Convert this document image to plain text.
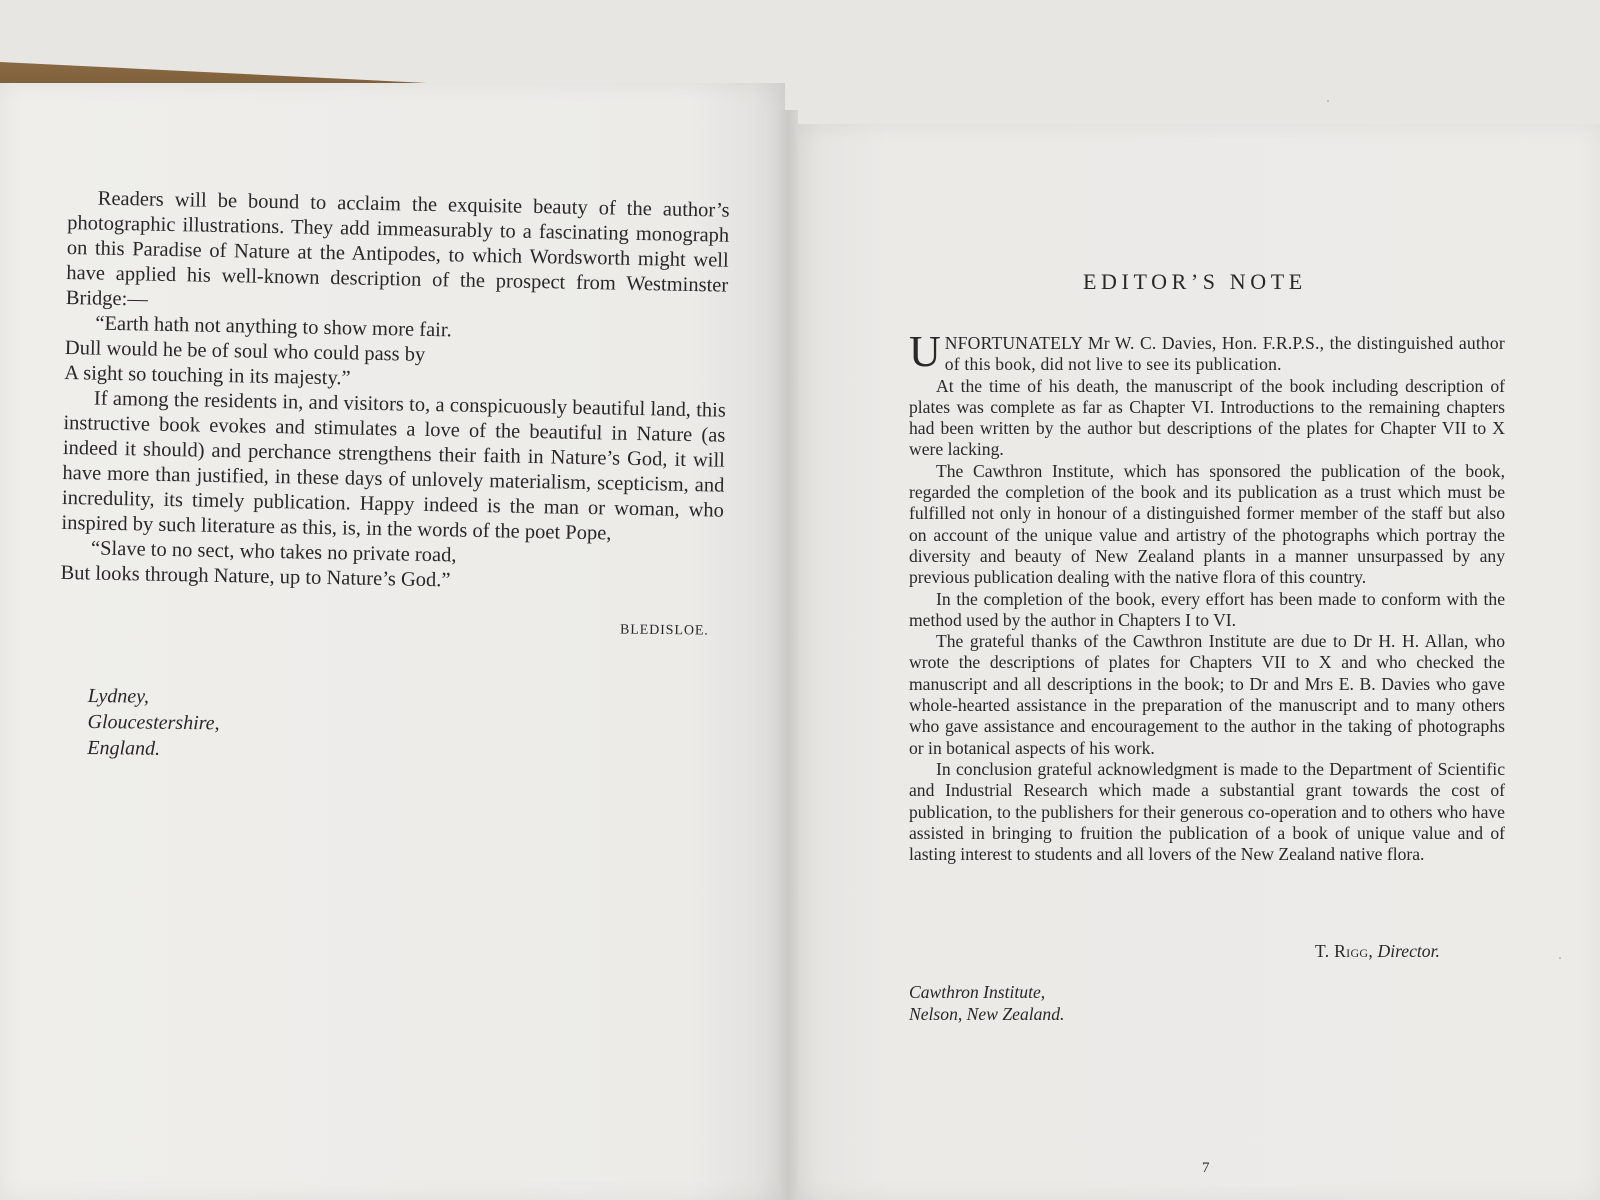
Readers will be bound to acclaim the exquisite beauty of the author’s photographic illustrations. They add immeasurably to a fascinating monograph on this Paradise of Nature at the Antipodes, to which Wordsworth might well have applied his well-known description of the prospect from Westminster Bridge:—

“Earth hath not anything to show more fair.
Dull would he be of soul who could pass by
A sight so touching in its majesty.”

If among the residents in, and visitors to, a conspicuously beautiful land, this instructive book evokes and stimulates a love of the beautiful in Nature (as indeed it should) and perchance strengthens their faith in Nature’s God, it will have more than justified, in these days of unlovely materialism, scepticism, and incredulity, its timely publication. Happy indeed is the man or woman, who inspired by such literature as this, is, in the words of the poet Pope,

“Slave to no sect, who takes no private road,
But looks through Nature, up to Nature’s God.”

BLEDISLOE.
Lydney,
Gloucestershire,
England.
EDITOR’S NOTE

U NFORTUNATELY Mr W. C. Davies, Hon. F.R.P.S., the distinguished author of this book, did not live to see its publication.

At the time of his death, the manuscript of the book including description of plates was complete as far as Chapter VI. Introductions to the remaining chapters had been written by the author but descriptions of the plates for Chapter VII to X were lacking.

The Cawthron Institute, which has sponsored the publication of the book, regarded the completion of the book and its publication as a trust which must be fulfilled not only in honour of a distinguished former member of the staff but also on account of the unique value and artistry of the photographs which portray the diversity and beauty of New Zealand plants in a manner unsurpassed by any previous publication dealing with the native flora of this country.

In the completion of the book, every effort has been made to conform with the method used by the author in Chapters I to VI.

The grateful thanks of the Cawthron Institute are due to Dr H. H. Allan, who wrote the descriptions of plates for Chapters VII to X and who checked the manuscript and all descriptions in the book; to Dr and Mrs E. B. Davies who gave whole-hearted assistance in the preparation of the manuscript and to many others who gave assistance and encouragement to the author in the taking of photographs or in botanical aspects of his work.

In conclusion grateful acknowledgment is made to the Department of Scientific and Industrial Research which made a substantial grant towards the cost of publication, to the publishers for their generous co-operation and to others who have assisted in bringing to fruition the publication of a book of unique value and of lasting interest to students and all lovers of the New Zealand native flora.

T. Rigg, Director.
Cawthron Institute,
Nelson, New Zealand.
7
